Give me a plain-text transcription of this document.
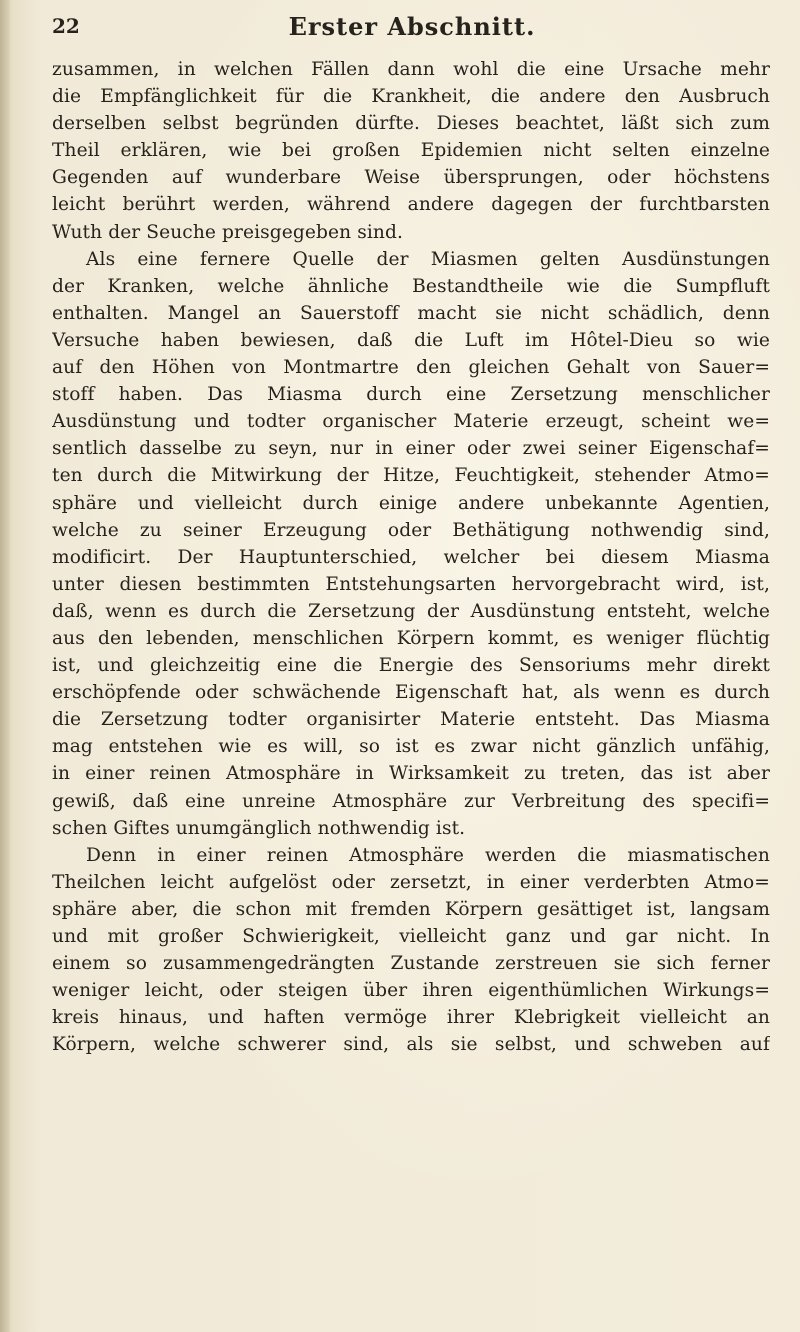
22	Erster Abschnitt.
zusammen, in welchen Fällen dann wohl die eine Ursache mehr
die Empfänglichkeit für die Krankheit, die andere den Ausbruch
derselben selbst begründen dürfte. Dieses beachtet, läßt sich zum
Theil erklären, wie bei großen Epidemien nicht selten einzelne
Gegenden auf wunderbare Weise übersprungen, oder höchstens
leicht berührt werden, während andere dagegen der furchtbarsten
Wuth der Seuche preisgegeben sind.
Als eine fernere Quelle der Miasmen gelten Ausdünstungen
der Kranken, welche ähnliche Bestandtheile wie die Sumpfluft
enthalten. Mangel an Sauerstoff macht sie nicht schädlich, denn
Versuche haben bewiesen, daß die Luft im Hôtel-Dieu so wie
auf den Höhen von Montmartre den gleichen Gehalt von Sauer=
stoff haben. Das Miasma durch eine Zersetzung menschlicher
Ausdünstung und todter organischer Materie erzeugt, scheint we=
sentlich dasselbe zu seyn, nur in einer oder zwei seiner Eigenschaf=
ten durch die Mitwirkung der Hitze, Feuchtigkeit, stehender Atmo=
sphäre und vielleicht durch einige andere unbekannte Agentien,
welche zu seiner Erzeugung oder Bethätigung nothwendig sind,
modificirt. Der Hauptunterschied, welcher bei diesem Miasma
unter diesen bestimmten Entstehungsarten hervorgebracht wird, ist,
daß, wenn es durch die Zersetzung der Ausdünstung entsteht, welche
aus den lebenden, menschlichen Körpern kommt, es weniger flüchtig
ist, und gleichzeitig eine die Energie des Sensoriums mehr direkt
erschöpfende oder schwächende Eigenschaft hat, als wenn es durch
die Zersetzung todter organisirter Materie entsteht. Das Miasma
mag entstehen wie es will, so ist es zwar nicht gänzlich unfähig,
in einer reinen Atmosphäre in Wirksamkeit zu treten, das ist aber
gewiß, daß eine unreine Atmosphäre zur Verbreitung des specifi=
schen Giftes unumgänglich nothwendig ist.
Denn in einer reinen Atmosphäre werden die miasmatischen
Theilchen leicht aufgelöst oder zersetzt, in einer verderbten Atmo=
sphäre aber, die schon mit fremden Körpern gesättiget ist, langsam
und mit großer Schwierigkeit, vielleicht ganz und gar nicht. In
einem so zusammengedrängten Zustande zerstreuen sie sich ferner
weniger leicht, oder steigen über ihren eigenthümlichen Wirkungs=
kreis hinaus, und haften vermöge ihrer Klebrigkeit vielleicht an
Körpern, welche schwerer sind, als sie selbst, und schweben auf
